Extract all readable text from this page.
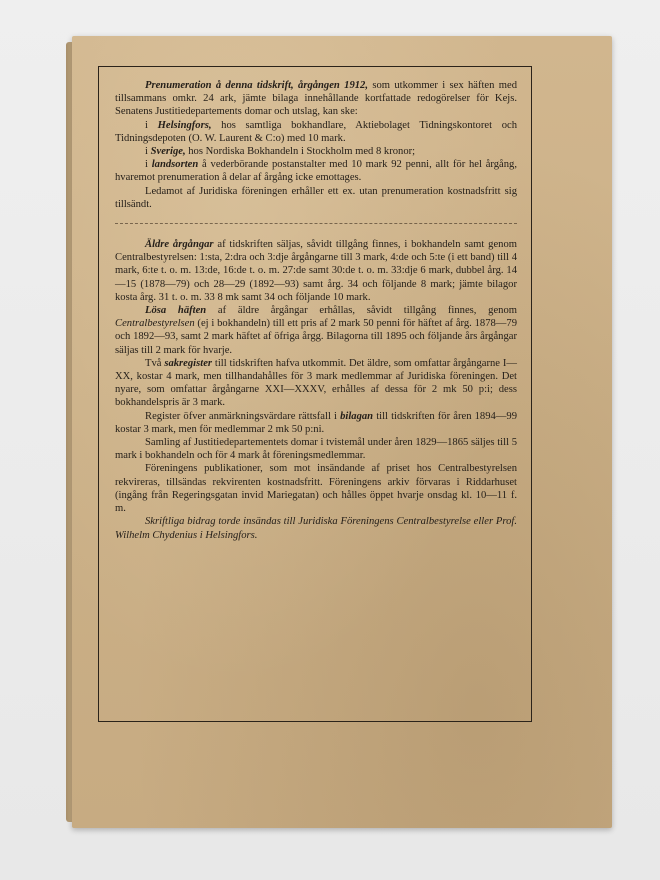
Prenumeration å denna tidskrift, årgången 1912, som utkommer i sex häften med tillsammans omkr. 24 ark, jämte bilaga innehållande kortfattade redogörelser för Kejs. Senatens Justitiedepartements domar och utslag, kan ske:

i Helsingfors, hos samtliga bokhandlare, Aktiebolaget Tidningskontoret och Tidningsdepoten (O. W. Laurent & C:o) med 10 mark.

i Sverige, hos Nordiska Bokhandeln i Stockholm med 8 kronor;

i landsorten å vederbörande postanstalter med 10 mark 92 penni, allt för hel årgång, hvaremot prenumeration å delar af årgång icke emottages.

Ledamot af Juridiska föreningen erhåller ett ex. utan prenumeration kostnadsfritt sig tillsändt.

Äldre årgångar af tidskriften säljas, såvidt tillgång finnes, i bokhandeln samt genom Centralbestyrelsen: 1:sta, 2:dra och 3:dje årgångarne till 3 mark, 4:de och 5:te (i ett band) till 4 mark, 6:te t. o. m. 13:de, 16:de t. o. m. 27:de samt 30:de t. o. m. 33:dje 6 mark, dubbel årg. 14—15 (1878—79) och 28—29 (1892—93) samt årg. 34 och följande 8 mark; jämte bilagor kosta årg. 31 t. o. m. 33 8 mk samt 34 och följande 10 mark.

Lösa häften af äldre årgångar erhållas, såvidt tillgång finnes, genom Centralbestyrelsen (ej i bokhandeln) till ett pris af 2 mark 50 penni för häftet af årg. 1878—79 och 1892—93, samt 2 mark häftet af öfriga årgg. Bilagorna till 1895 och följande års årgångar säljas till 2 mark för hvarje.

Två sakregister till tidskriften hafva utkommit. Det äldre, som omfattar årgångarne I—XX, kostar 4 mark, men tillhandahålles för 3 mark medlemmar af Juridiska föreningen. Det nyare, som omfattar årgångarne XXI—XXXV, erhålles af dessa för 2 mk 50 p:i; dess bokhandelspris är 3 mark.

Register öfver anmärkningsvärdare rättsfall i bilagan till tidskriften för åren 1894—99 kostar 3 mark, men för medlemmar 2 mk 50 p:ni.

Samling af Justitiedepartementets domar i tvistemål under åren 1829—1865 säljes till 5 mark i bokhandeln och för 4 mark åt föreningsmedlemmar.

Föreningens publikationer, som mot insändande af priset hos Centralbestyrelsen rekvireras, tillsändas rekvirenten kostnadsfritt. Föreningens arkiv förvaras i Riddarhuset (ingång från Regeringsgatan invid Mariegatan) och hålles öppet hvarje onsdag kl. 10—11 f. m.

Skriftliga bidrag torde insändas till Juridiska Föreningens Centralbestyrelse eller Prof. Wilhelm Chydenius i Helsingfors.
